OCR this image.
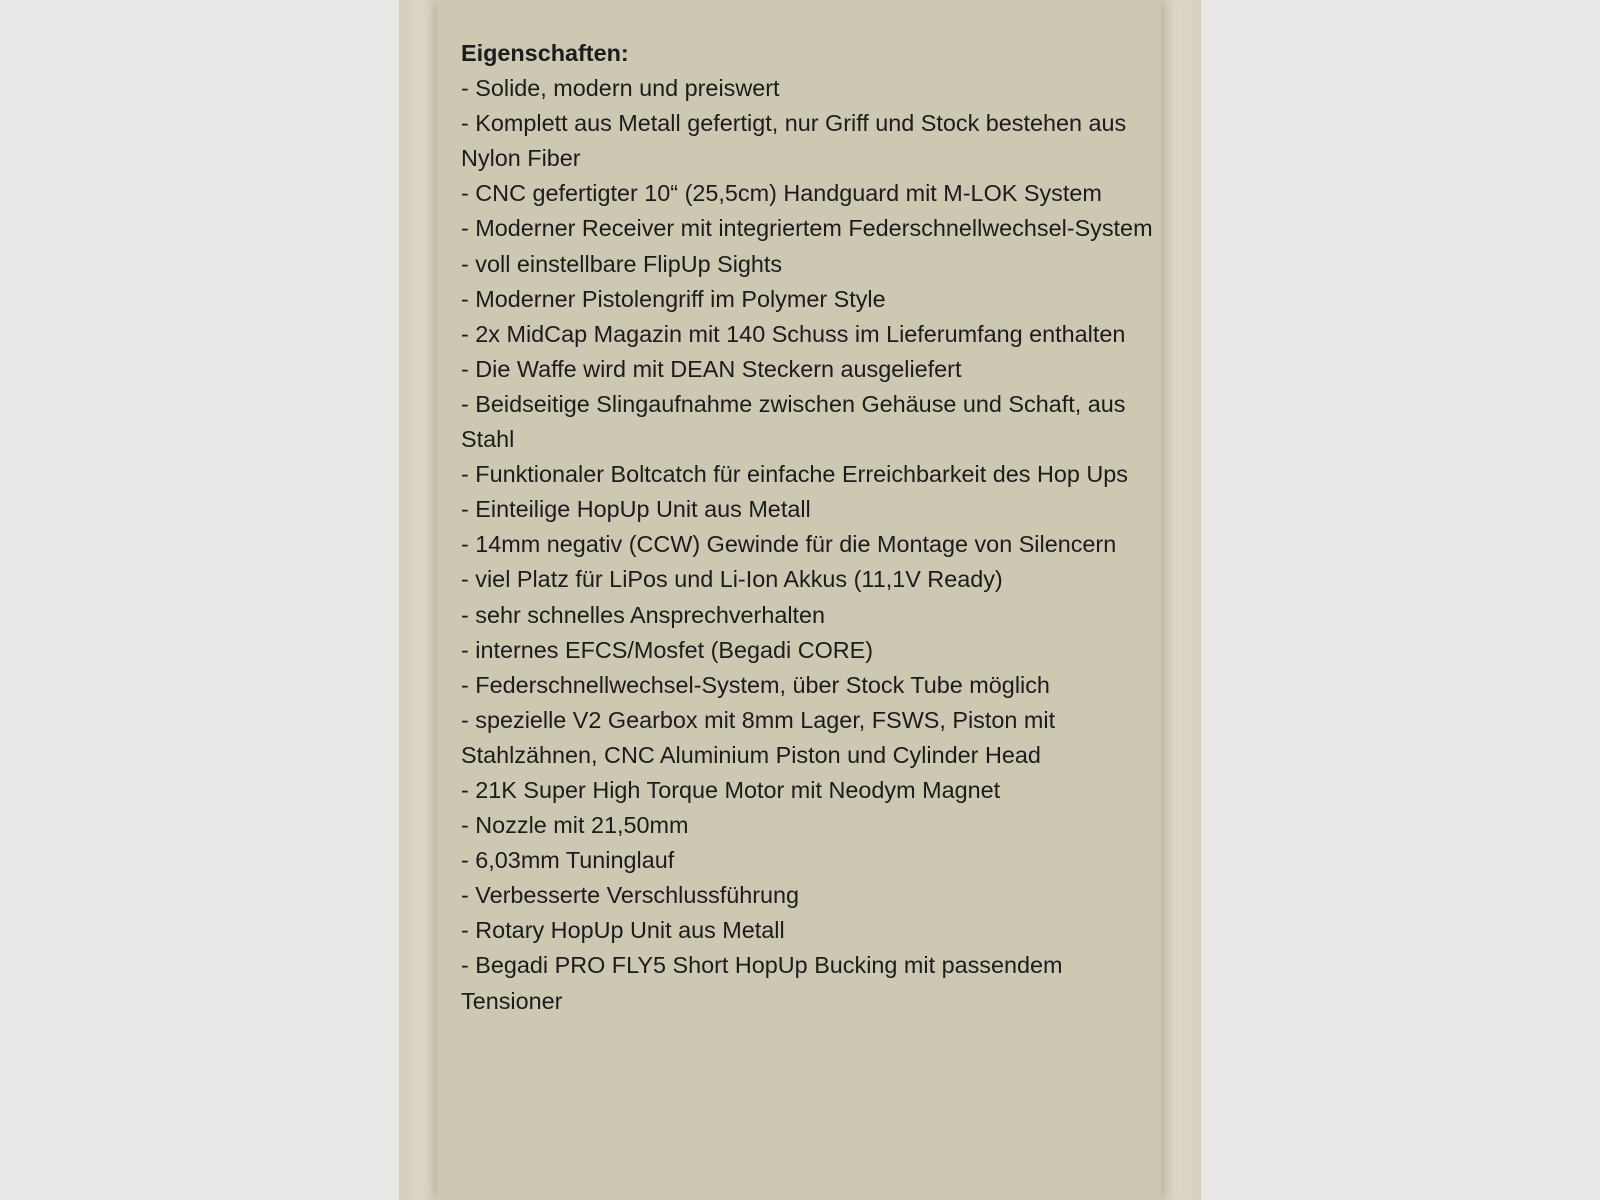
Eigenschaften:

- Solide, modern und preiswert
- Komplett aus Metall gefertigt, nur Griff und Stock bestehen aus Nylon Fiber
- CNC gefertigter 10“ (25,5cm) Handguard mit M-LOK System
- Moderner Receiver mit integriertem Federschnellwechsel-System
- voll einstellbare FlipUp Sights
- Moderner Pistolengriff im Polymer Style
- 2x MidCap Magazin mit 140 Schuss im Lieferumfang enthalten
- Die Waffe wird mit DEAN Steckern ausgeliefert
- Beidseitige Slingaufnahme zwischen Gehäuse und Schaft, aus Stahl
- Funktionaler Boltcatch für einfache Erreichbarkeit des Hop Ups
- Einteilige HopUp Unit aus Metall
- 14mm negativ (CCW) Gewinde für die Montage von Silencern
- viel Platz für LiPos und Li-Ion Akkus (11,1V Ready)
- sehr schnelles Ansprechverhalten
- internes EFCS/Mosfet (Begadi CORE)
- Federschnellwechsel-System, über Stock Tube möglich
- spezielle V2 Gearbox mit 8mm Lager, FSWS, Piston mit Stahlzähnen, CNC Aluminium Piston und Cylinder Head
- 21K Super High Torque Motor mit Neodym Magnet
- Nozzle mit 21,50mm
- 6,03mm Tuninglauf
- Verbesserte Verschlussführung
- Rotary HopUp Unit aus Metall
- Begadi PRO FLY5 Short HopUp Bucking mit passendem Tensioner
